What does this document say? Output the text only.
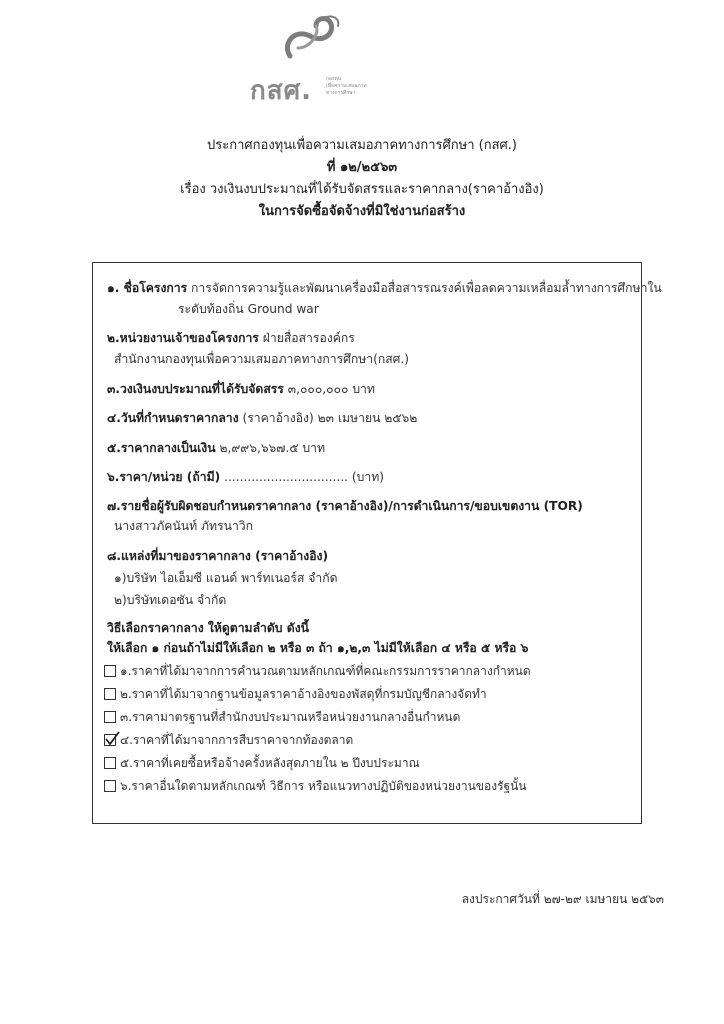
กสศ.	กองทุน
เพื่อความเสมอภาค
ทางการศึกษา
ประกาศกองทุนเพื่อความเสมอภาคทางการศึกษา (กสศ.)
ที่ ๑๒/๒๕๖๓
เรื่อง วงเงินงบประมาณที่ได้รับจัดสรรและราคากลาง(ราคาอ้างอิง)
ในการจัดซื้อจัดจ้างที่มิใช่งานก่อสร้าง
๑. ชื่อโครงการ การจัดการความรู้และพัฒนาเครื่องมือสื่อสารรณรงค์เพื่อลดความเหลื่อมล้ำทางการศึกษาใน
ระดับท้องถิ่น Ground war
๒.หน่วยงานเจ้าของโครงการ ฝ่ายสื่อสารองค์กร
สำนักงานกองทุนเพื่อความเสมอภาคทางการศึกษา(กสศ.)
๓.วงเงินงบประมาณที่ได้รับจัดสรร ๓,๐๐๐,๐๐๐ บาท
๔.วันที่กำหนดราคากลาง (ราคาอ้างอิง) ๒๓ เมษายน ๒๕๖๒
๕.ราคากลางเป็นเงิน ๒,๙๙๖,๖๖๗.๕ บาท
๖.ราคา/หน่วย (ถ้ามี) ................................ (บาท)
๗.รายชื่อผู้รับผิดชอบกำหนดราคากลาง (ราคาอ้างอิง)/การดำเนินการ/ขอบเขตงาน (TOR)
นางสาวภัคนันท์ ภัทรนาวิก
๘.แหล่งที่มาของราคากลาง (ราคาอ้างอิง)
๑)บริษัท ไอเอ็มซี แอนด์ พาร์ทเนอร์ส จำกัด
๒)บริษัทเดอซัน จำกัด
วิธีเลือกราคากลาง ให้ดูตามลำดับ ดังนี้
ให้เลือก ๑ ก่อนถ้าไม่มีให้เลือก ๒ หรือ ๓ ถ้า ๑,๒,๓ ไม่มีให้เลือก ๔ หรือ ๕ หรือ ๖
๑.ราคาที่ได้มาจากการคำนวณตามหลักเกณฑ์ที่คณะกรรมการราคากลางกำหนด
๒.ราคาที่ได้มาจากฐานข้อมูลราคาอ้างอิงของพัสดุที่กรมบัญชีกลางจัดทำ
๓.ราคามาตรฐานที่สำนักงบประมาณหรือหน่วยงานกลางอื่นกำหนด
๔.ราคาที่ได้มาจากการสืบราคาจากท้องตลาด
๕.ราคาที่เคยซื้อหรือจ้างครั้งหลังสุดภายใน ๒ ปีงบประมาณ
๖.ราคาอื่นใดตามหลักเกณฑ์ วิธีการ หรือแนวทางปฏิบัติของหน่วยงานของรัฐนั้น
ลงประกาศวันที่ ๒๗-๒๙ เมษายน ๒๕๖๓
